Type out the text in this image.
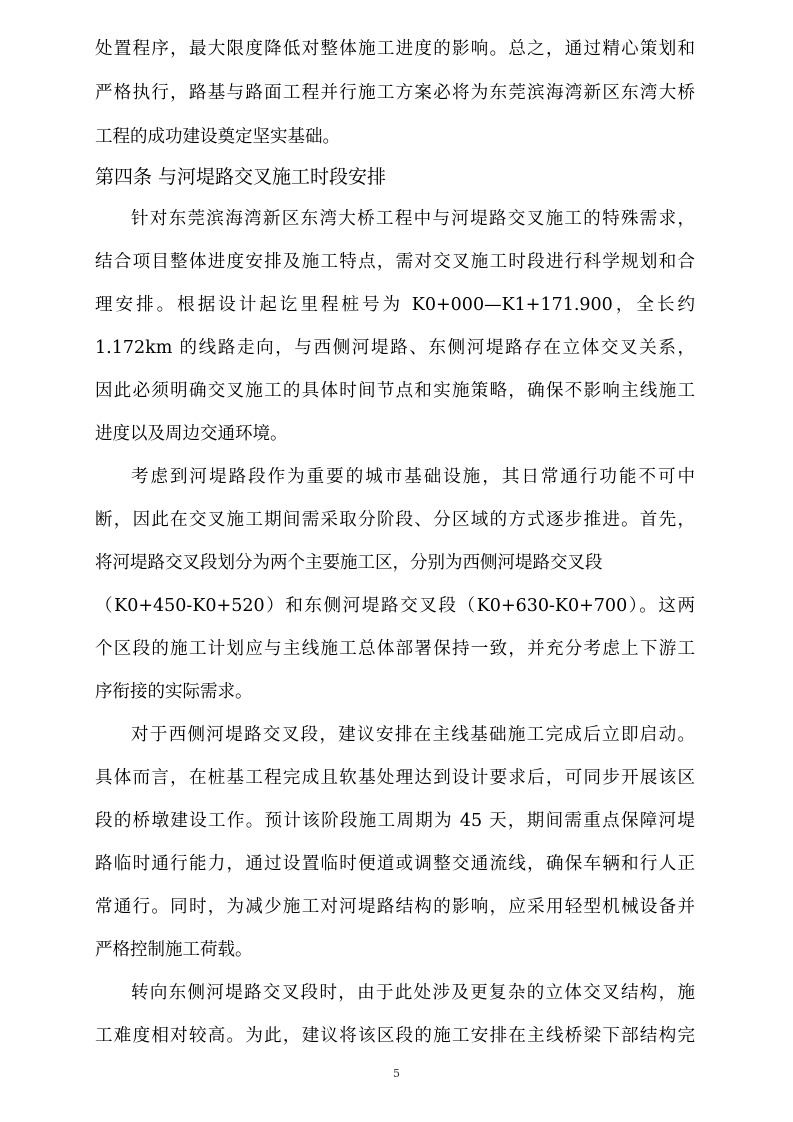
处置程序，最大限度降低对整体施工进度的影响。总之，通过精心策划和
严格执行，路基与路面工程并行施工方案必将为东莞滨海湾新区东湾大桥
工程的成功建设奠定坚实基础。
第四条 与河堤路交叉施工时段安排
针对东莞滨海湾新区东湾大桥工程中与河堤路交叉施工的特殊需求，
结合项目整体进度安排及施工特点，需对交叉施工时段进行科学规划和合
理安排。根据设计起讫里程桩号为 K0+000—K1+171.900，全长约
1.172km 的线路走向，与西侧河堤路、东侧河堤路存在立体交叉关系，
因此必须明确交叉施工的具体时间节点和实施策略，确保不影响主线施工
进度以及周边交通环境。
考虑到河堤路段作为重要的城市基础设施，其日常通行功能不可中
断，因此在交叉施工期间需采取分阶段、分区域的方式逐步推进。首先，
将河堤路交叉段划分为两个主要施工区，分别为西侧河堤路交叉段
（K0+450-K0+520）和东侧河堤路交叉段（K0+630-K0+700）。这两
个区段的施工计划应与主线施工总体部署保持一致，并充分考虑上下游工
序衔接的实际需求。
对于西侧河堤路交叉段，建议安排在主线基础施工完成后立即启动。
具体而言，在桩基工程完成且软基处理达到设计要求后，可同步开展该区
段的桥墩建设工作。预计该阶段施工周期为 45 天，期间需重点保障河堤
路临时通行能力，通过设置临时便道或调整交通流线，确保车辆和行人正
常通行。同时，为减少施工对河堤路结构的影响，应采用轻型机械设备并
严格控制施工荷载。
转向东侧河堤路交叉段时，由于此处涉及更复杂的立体交叉结构，施
工难度相对较高。为此，建议将该区段的施工安排在主线桥梁下部结构完
5
